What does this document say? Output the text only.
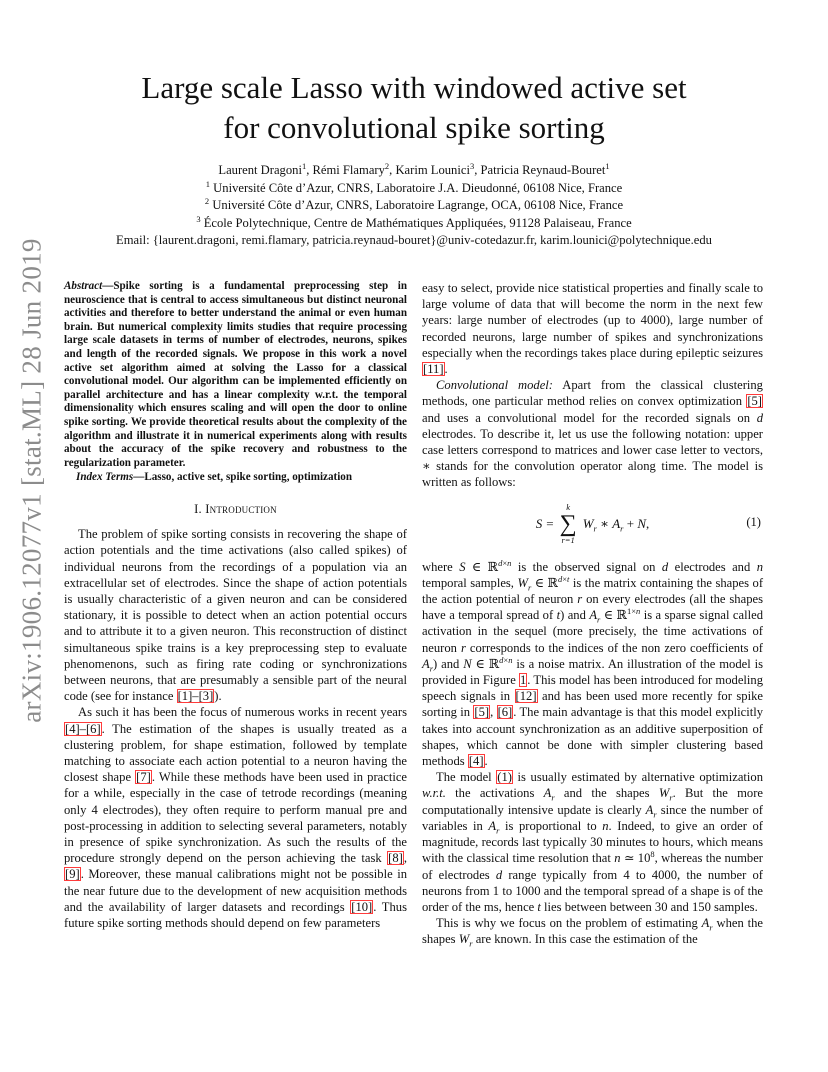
arXiv:1906.12077v1 [stat.ML] 28 Jun 2019
Large scale Lasso with windowed active set
for convolutional spike sorting
Laurent Dragoni$^1$, Rémi Flamary$^2$, Karim Lounici$^3$, Patricia Reynaud-Bouret$^1$
$^1$ Université Côte d’Azur, CNRS, Laboratoire J.A. Dieudonné, 06108 Nice, France
$^2$ Université Côte d’Azur, CNRS, Laboratoire Lagrange, OCA, 06108 Nice, France
$^3$ École Polytechnique, Centre de Mathématiques Appliquées, 91128 Palaiseau, France
Email: {laurent.dragoni, remi.flamary, patricia.reynaud-bouret}@univ-cotedazur.fr, karim.lounici@polytechnique.edu
Abstract—Spike sorting is a fundamental preprocessing step in neuroscience that is central to access simultaneous but distinct neuronal activities and therefore to better understand the animal or even human brain. But numerical complexity limits studies that require processing large scale datasets in terms of number of electrodes, neurons, spikes and length of the recorded signals. We propose in this work a novel active set algorithm aimed at solving the Lasso for a classical convolutional model. Our algorithm can be implemented efficiently on parallel architecture and has a linear complexity w.r.t. the temporal dimensionality which ensures scaling and will open the door to online spike sorting. We provide theoretical results about the complexity of the algorithm and illustrate it in numerical experiments along with results about the accuracy of the spike recovery and robustness to the regularization parameter.
Index Terms—Lasso, active set, spike sorting, optimization
I. Introduction

The problem of spike sorting consists in recovering the shape of action potentials and the time activations (also called spikes) of individual neurons from the recordings of a population via an extracellular set of electrodes. Since the shape of action potentials is usually characteristic of a given neuron and can be considered stationary, it is possible to detect when an action potential occurs and to attribute it to a given neuron. This reconstruction of distinct simultaneous spike trains is a key preprocessing step to evaluate phenomenons, such as firing rate coding or synchronizations between neurons, that are presumably a sensible part of the neural code (see for instance [1]–[3]).

As such it has been the focus of numerous works in recent years [4]–[6]. The estimation of the shapes is usually treated as a clustering problem, for shape estimation, followed by template matching to associate each action potential to a neuron having the closest shape [7]. While these methods have been used in practice for a while, especially in the case of tetrode recordings (meaning only 4 electrodes), they often require to perform manual pre and post-processing in addition to selecting several parameters, notably in presence of spike synchronization. As such the results of the procedure strongly depend on the person achieving the task [8], [9]. Moreover, these manual calibrations might not be possible in the near future due to the development of new acquisition methods and the availability of larger datasets and recordings [10]. Thus future spike sorting methods should depend on few parameters

easy to select, provide nice statistical properties and finally scale to large volume of data that will become the norm in the next few years: large number of electrodes (up to 4000), large number of recorded neurons, large number of spikes and synchronizations especially when the recordings takes place during epileptic seizures [11].

Convolutional model: Apart from the classical clustering methods, one particular method relies on convex optimization [5] and uses a convolutional model for the recorded signals on d electrodes. To describe it, let us use the following notation: upper case letters correspond to matrices and lower case letter to vectors, ∗ stands for the convolution operator along time. The model is written as follows:

S =
k
∑
r=1
$W_r$ ∗ $A_r + N$,	(1)

where S ∈ ℝ$^{d\times n}$ is the observed signal on d electrodes and n temporal samples, $W_r$ ∈ ℝ$^{d\times t}$ is the matrix containing the shapes of the action potential of neuron r on every electrodes (all the shapes have a temporal spread of t) and $A_r$ ∈ ℝ$^{1\times n}$ is a sparse signal called activation in the sequel (more precisely, the time activations of neuron r corresponds to the indices of the non zero coefficients of $A_r$) and N ∈ ℝ$^{d\times n}$ is a noise matrix. An illustration of the model is provided in Figure 1. This model has been introduced for modeling speech signals in [12] and has been used more recently for spike sorting in [5], [6]. The main advantage is that this model explicitly takes into account synchronization as an additive superposition of shapes, which cannot be done with simpler clustering based methods [4].

The model (1) is usually estimated by alternative optimization w.r.t. the activations $A_r$ and the shapes $W_r$. But the more computationally intensive update is clearly $A_r$ since the number of variables in $A_r$ is proportional to n. Indeed, to give an order of magnitude, records last typically 30 minutes to hours, which means with the classical time resolution that n ≃ $10^8$, whereas the number of electrodes d range typically from 4 to 4000, the number of neurons from 1 to 1000 and the temporal spread of a shape is of the order of the ms, hence t lies between between 30 and 150 samples.

This is why we focus on the problem of estimating $A_r$ when the shapes $W_r$ are known. In this case the estimation of the
